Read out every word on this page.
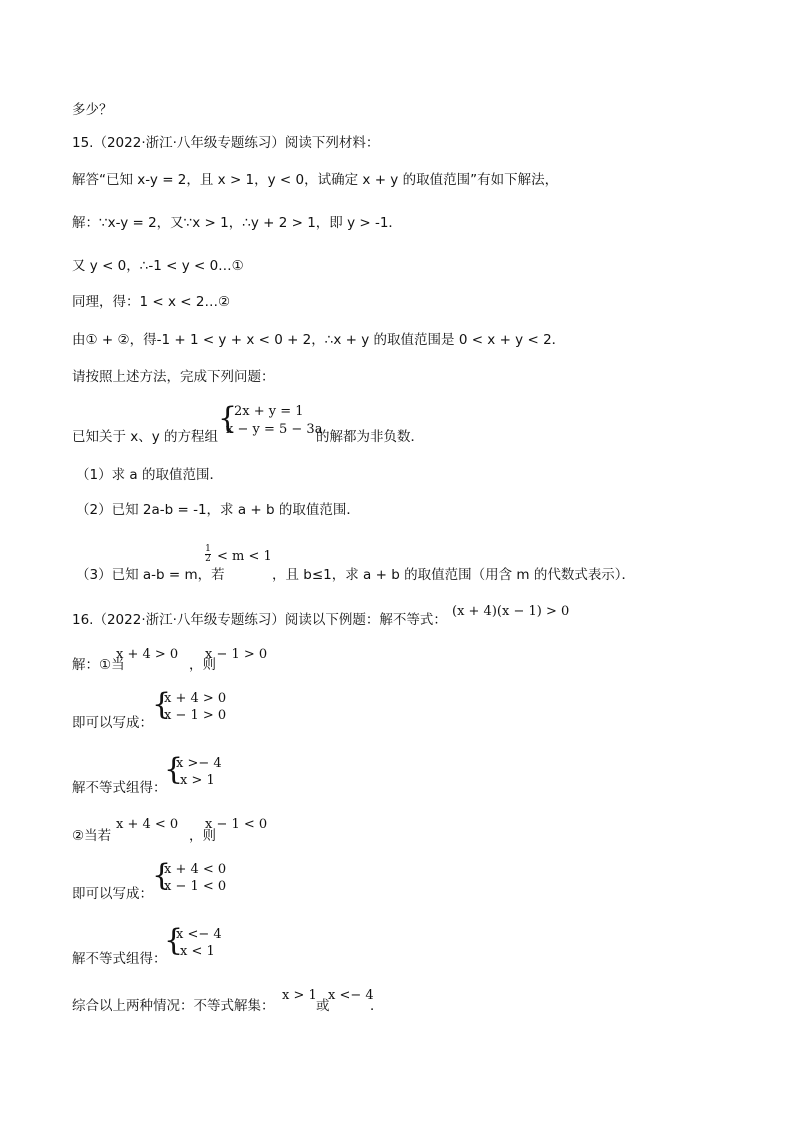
多少？
15.（2022·浙江·八年级专题练习）阅读下列材料：
解答“已知 x-y = 2，且 x > 1，y < 0，试确定 x + y 的取值范围”有如下解法，
解：∵x-y = 2，又∵x > 1，∴y + 2 > 1，即 y > -1．
又 y < 0，∴-1 < y < 0…①
同理，得：1 < x < 2…②
由① + ②，得-1 + 1 < y + x < 0 + 2，∴x + y 的取值范围是 0 < x + y < 2．
请按照上述方法，完成下列问题：
已知关于 x、y 的方程组
{
2x + y = 1
x − y = 5 − 3a
的解都为非负数．
（1）求 a 的取值范围．
（2）已知 2a-b = -1，求 a + b 的取值范围．
（3）已知 a-b = m，若
1
2 < m < 1
，且 b≤1，求 a + b 的取值范围（用含 m 的代数式表示）．
16.（2022·浙江·八年级专题练习）阅读以下例题：解不等式：
(x + 4)(x − 1) > 0
解：①当
x + 4 > 0
，则
x − 1 > 0
即可以写成：
{
x + 4 > 0
x − 1 > 0
解不等式组得：
{
x >− 4
x > 1
②当若
x + 4 < 0
，则
x − 1 < 0
即可以写成：
{
x + 4 < 0
x − 1 < 0
解不等式组得：
{
x <− 4
x < 1
综合以上两种情况：不等式解集：
x > 1
或
x <− 4
．
